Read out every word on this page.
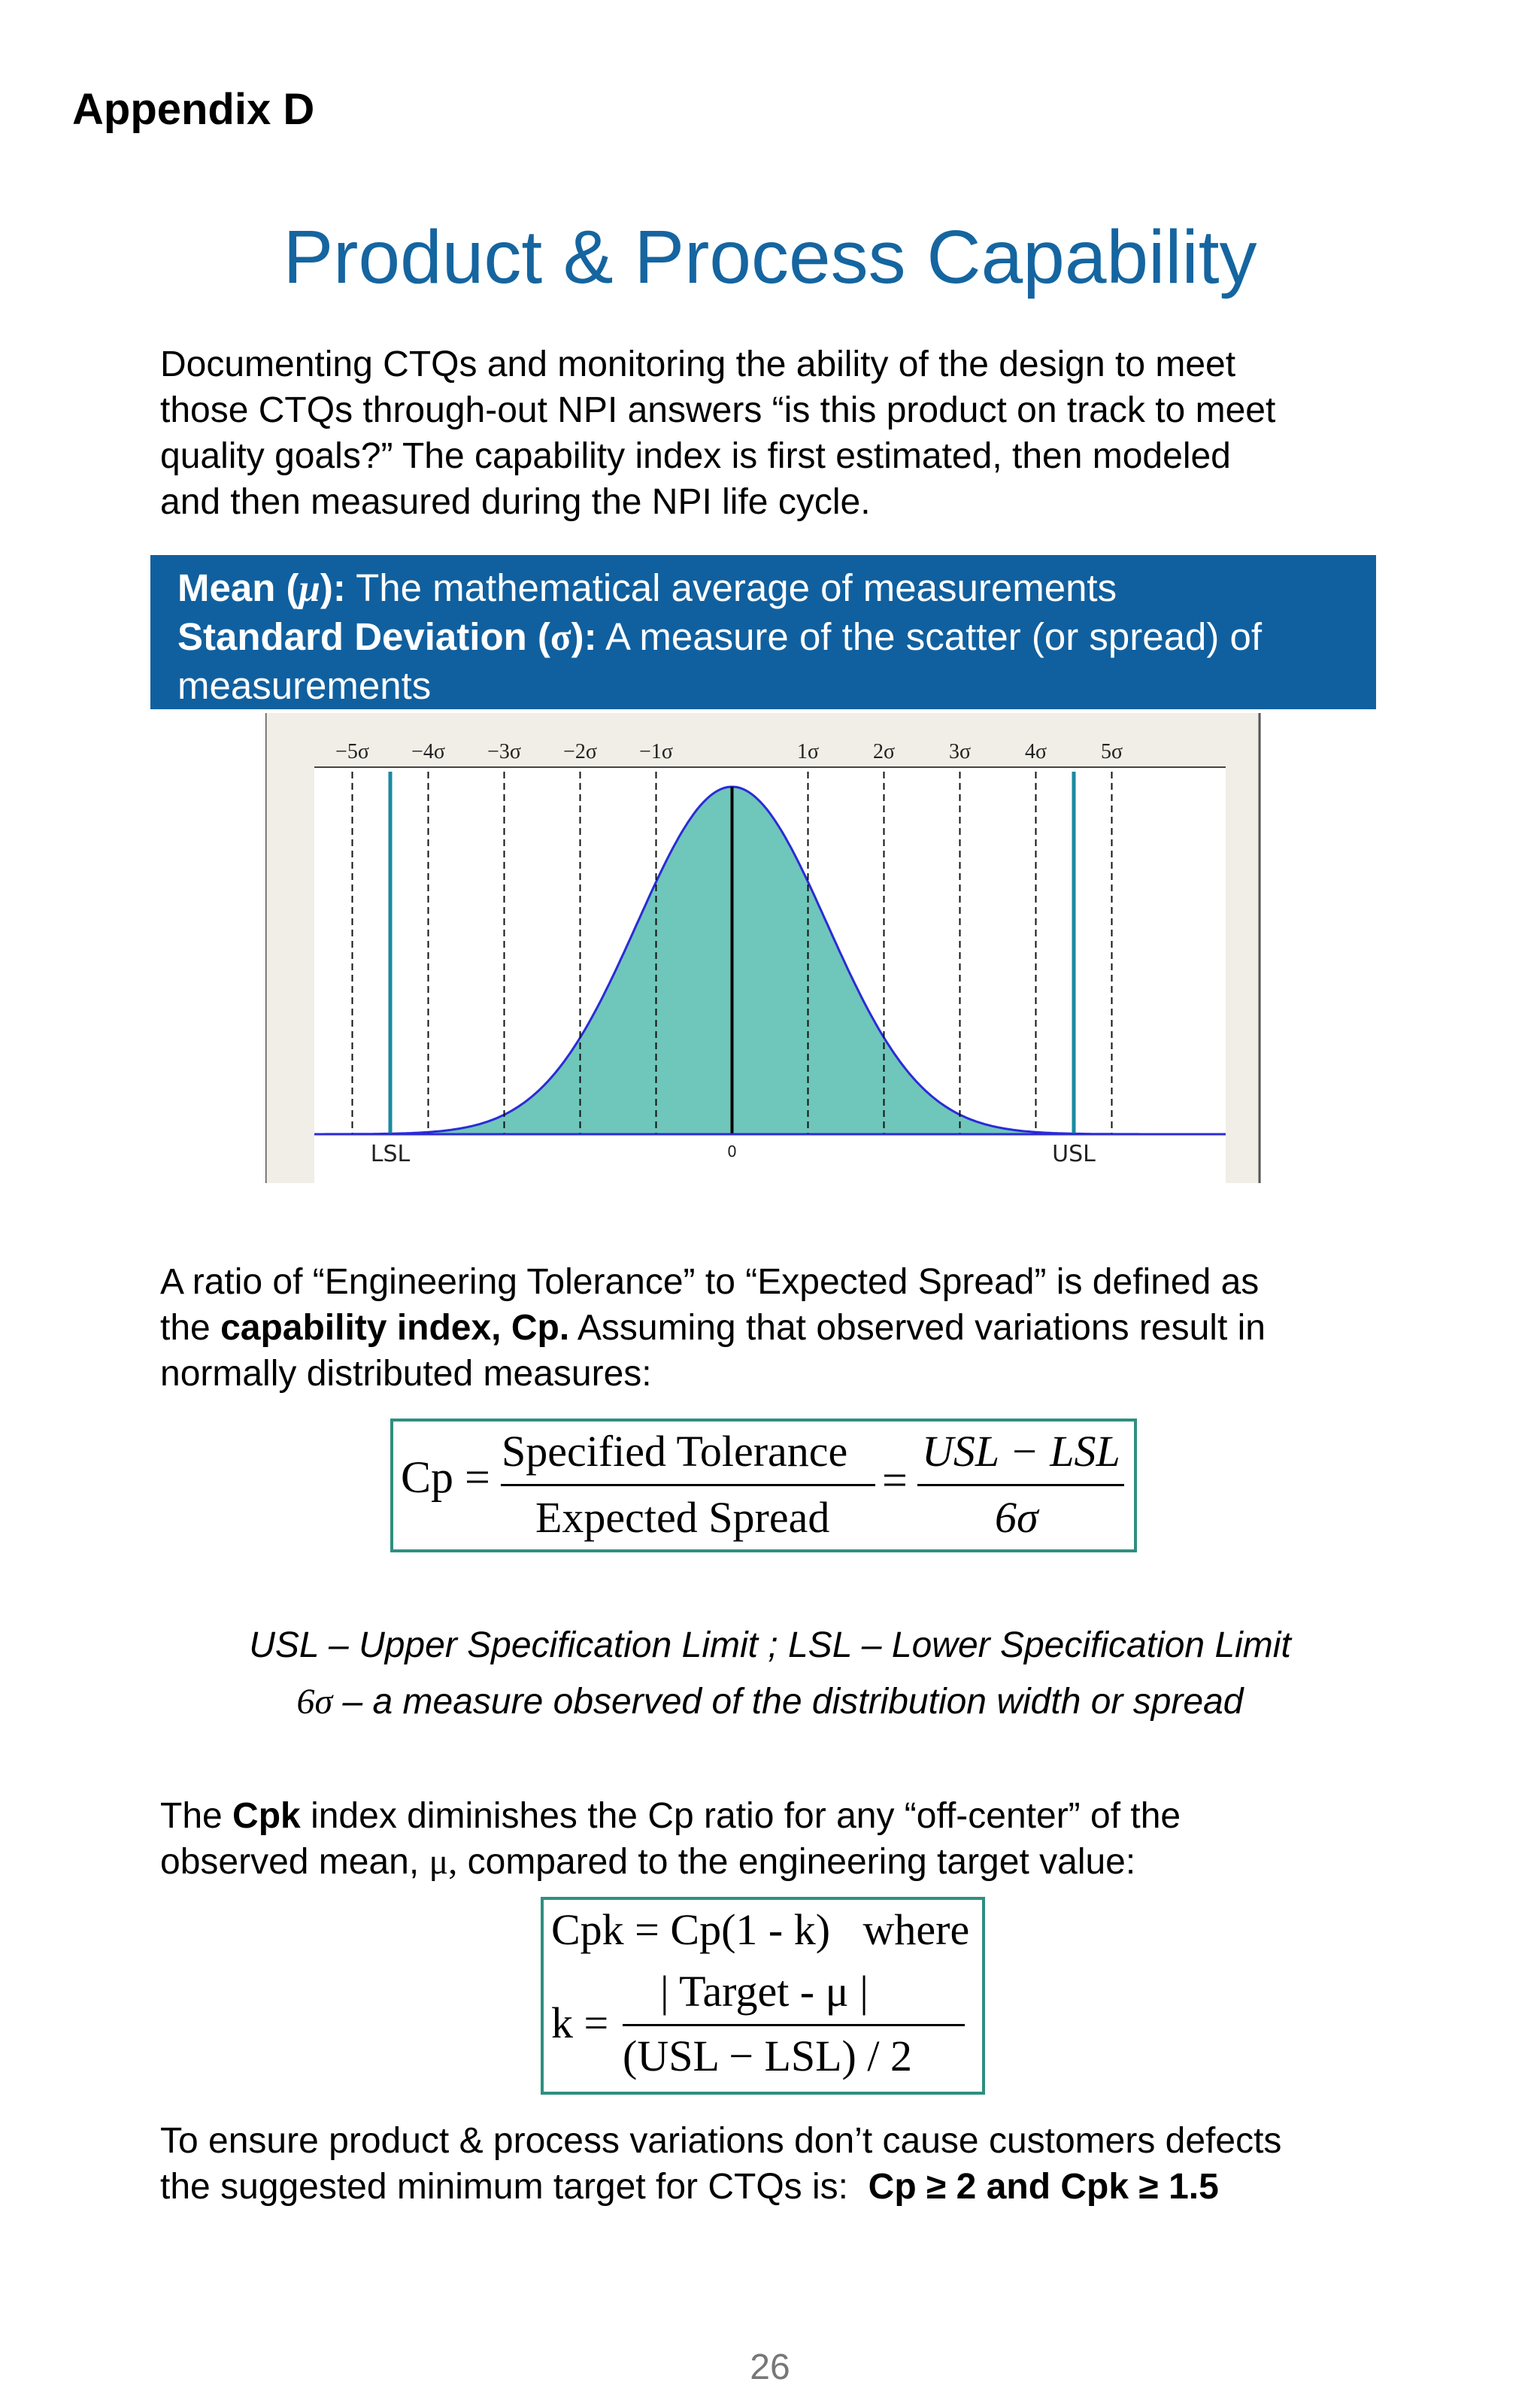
Appendix D
Product & Process Capability
Documenting CTQs and monitoring the ability of the design to meet
those CTQs through-out NPI answers “is this product on track to meet
quality goals?” The capability index is first estimated, then modeled
and then measured during the NPI life cycle.
Mean (μ): The mathematical average of measurements
Standard Deviation (σ): A measure of the scatter (or spread) of
measurements
−5σ −4σ −3σ −2σ −1σ	1σ	2σ	3σ	4σ	5σ
0
LSL	USL
A ratio of “Engineering Tolerance” to “Expected Spread” is defined as
the capability index, Cp. Assuming that observed variations result in
normally distributed measures:
Cp =
Specified Tolerance
Expected Spread
=
USL − LSL
6σ
USL – Upper Specification Limit ; LSL – Lower Specification Limit
6σ – a measure observed of the distribution width or spread
The Cpk index diminishes the Cp ratio for any “off-center” of the
observed mean, μ, compared to the engineering target value:
Cpk = Cp(1 - k)   where
k =
| Target - μ |
(USL − LSL) / 2
To ensure product & process variations don’t cause customers defects
the suggested minimum target for CTQs is:  Cp ≥ 2 and Cpk ≥ 1.5
26
